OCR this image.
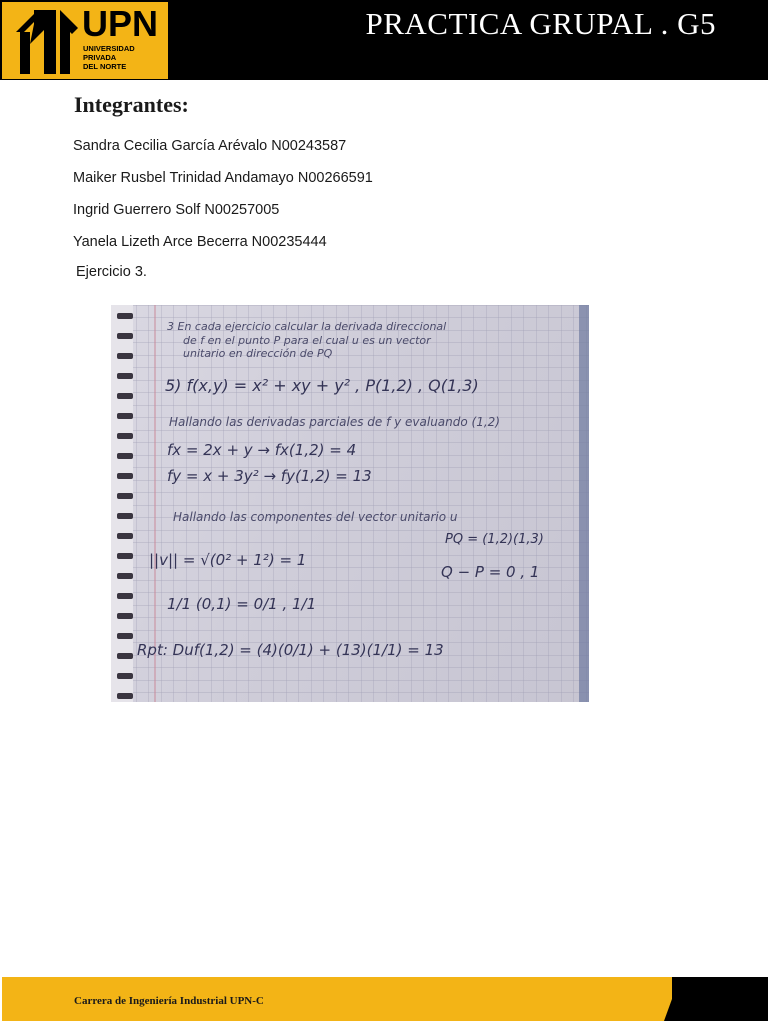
UPN
UNIVERSIDAD
PRIVADA
DEL NORTE
PRACTICA GRUPAL . G5
Integrantes:
Sandra Cecilia García Arévalo N00243587
Maiker Rusbel Trinidad Andamayo N00266591
Ingrid Guerrero Solf N00257005
Yanela Lizeth Arce Becerra N00235444
Ejercicio 3.
3 En cada ejercicio calcular la derivada direccional
de f en el punto P para el cual u es un vector
unitario en dirección de PQ
5) f(x,y) = x² + xy + y² , P(1,2) , Q(1,3)
Hallando las derivadas parciales de f y evaluando (1,2)
fx = 2x + y → fx(1,2) = 4
fy = x + 3y² → fy(1,2) = 13
Hallando las componentes del vector unitario u
PQ = (1,2)(1,3)
||v|| = √(0² + 1²) = 1
Q − P = 0 , 1
1/1 (0,1) = 0/1 , 1/1
Rpt: Duf(1,2) = (4)(0/1) + (13)(1/1) = 13
Carrera de Ingeniería Industrial UPN-C
